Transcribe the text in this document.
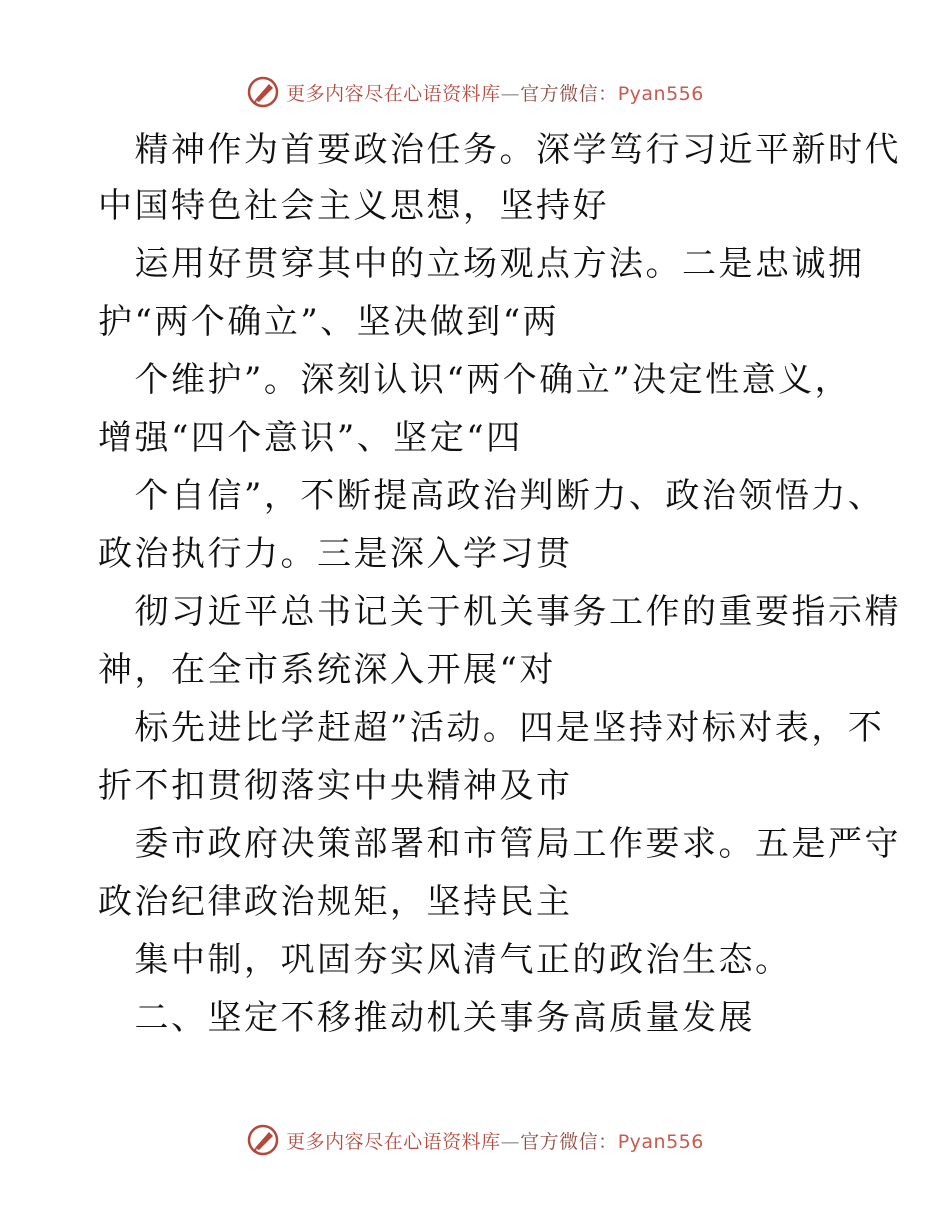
更多内容尽在心语资料库—官方微信：Pyan556
　精神作为首要政治任务。深学笃行习近平新时代
中国特色社会主义思想，坚持好
　运用好贯穿其中的立场观点方法。二是忠诚拥
护“两个确立”、坚决做到“两
　个维护”。深刻认识“两个确立”决定性意义，
增强“四个意识”、坚定“四
　个自信”，不断提高政治判断力、政治领悟力、
政治执行力。三是深入学习贯
　彻习近平总书记关于机关事务工作的重要指示精
神，在全市系统深入开展“对
　标先进比学赶超”活动。四是坚持对标对表，不
折不扣贯彻落实中央精神及市
　委市政府决策部署和市管局工作要求。五是严守
政治纪律政治规矩，坚持民主
　集中制，巩固夯实风清气正的政治生态。
　二、坚定不移推动机关事务高质量发展
更多内容尽在心语资料库—官方微信：Pyan556
